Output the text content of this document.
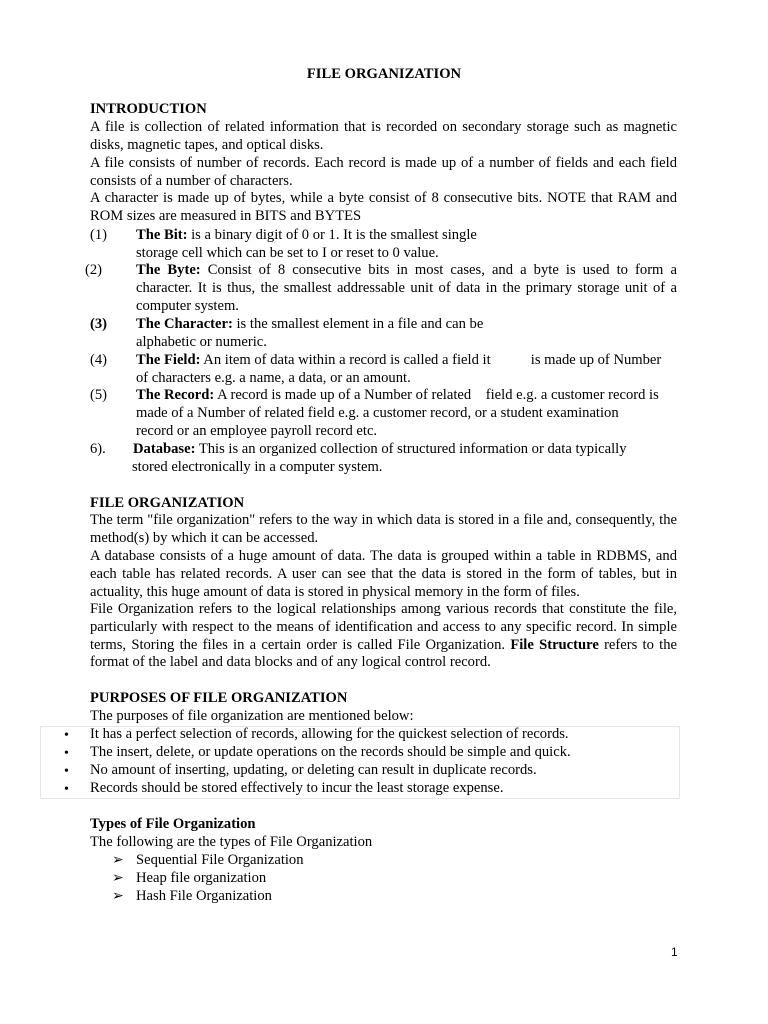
FILE ORGANIZATION
INTRODUCTION
A file is collection of related information that is recorded on secondary storage such as magnetic disks, magnetic tapes, and optical disks.
A file consists of number of records. Each record is made up of a number of fields and each field consists of a number of characters.
A character is made up of bytes, while a byte consist of 8 consecutive bits. NOTE that RAM and ROM sizes are measured in BITS and BYTES
(1) The Bit: is a binary digit of 0 or 1. It is the smallest single
storage cell which can be set to I or reset to 0 value.
(2) The Byte: Consist of 8 consecutive bits in most cases, and a byte is used to form a
character. It is thus, the smallest addressable unit of data in the primary storage unit of a computer system.
(3) The Character: is the smallest element in a file and can be
alphabetic or numeric.
(4) The Field: An item of data within a record is called a field it           is made up of Number
of characters e.g. a name, a data, or an amount.
(5) The Record: A record is made up of a Number of related    field e.g. a customer record is
made of a Number of related field e.g. a customer record, or a student examination record or an employee payroll record etc.
6). Database: This is an organized collection of structured information or data typically
stored electronically in a computer system.
FILE ORGANIZATION
The term "file organization" refers to the way in which data is stored in a file and, consequently, the method(s) by which it can be accessed.
A database consists of a huge amount of data. The data is grouped within a table in RDBMS, and each table has related records. A user can see that the data is stored in the form of tables, but in actuality, this huge amount of data is stored in physical memory in the form of files.
File Organization refers to the logical relationships among various records that constitute the file, particularly with respect to the means of identification and access to any specific record. In simple terms, Storing the files in a certain order is called File Organization. File Structure refers to the format of the label and data blocks and of any logical control record.
PURPOSES OF FILE ORGANIZATION
The purposes of file organization are mentioned below:
• It has a perfect selection of records, allowing for the quickest selection of records.
• The insert, delete, or update operations on the records should be simple and quick.
• No amount of inserting, updating, or deleting can result in duplicate records.
• Records should be stored effectively to incur the least storage expense.
Types of File Organization
The following are the types of File Organization
➢ Sequential File Organization
➢ Heap file organization
➢ Hash File Organization
1
